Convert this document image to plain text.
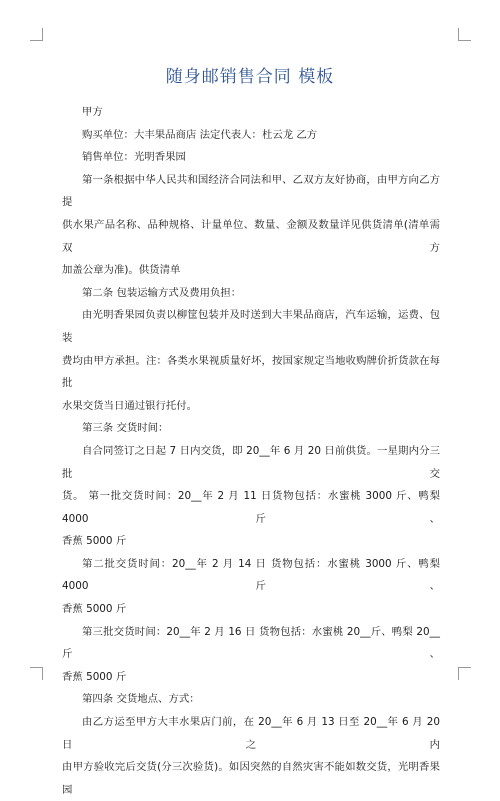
随身邮销售合同 模板

甲方

购买单位：大丰果品商店 法定代表人：杜云龙 乙方

销售单位：光明香果园

第一条根据中华人民共和国经济合同法和甲、乙双方友好协商，由甲方向乙方提

供水果产品名称、品种规格、计量单位、数量、金额及数量详见供货清单(清单需双方

加盖公章为准)。供货清单

第二条 包装运输方式及费用负担：

由光明香果园负责以柳筐包装并及时送到大丰果品商店，汽车运输，运费、包装

费均由甲方承担。注：各类水果视质量好坏，按国家规定当地收购牌价折货款在每批

水果交货当日通过银行托付。

第三条 交货时间：

自合同签订之日起 7 日内交货，即 20__年 6 月 20 日前供货。一星期内分三批交

货。 第一批交货时间：20__年 2 月 11 日货物包括：水蜜桃 3000 斤、鸭梨 4000 斤、

香蕉 5000 斤

第二批交货时间：20__年 2 月 14 日 货物包括：水蜜桃 3000 斤、鸭梨 4000 斤、

香蕉 5000 斤

第三批交货时间：20__年 2 月 16 日 货物包括：水蜜桃 20__斤、鸭梨 20__斤、

香蕉 5000 斤

第四条 交货地点、方式：

由乙方运至甲方大丰水果店门前，在 20__年 6 月 13 日至 20__年 6 月 20 日之内

由甲方验收完后交货(分三次验货)。如因突然的自然灾害不能如数交货，光明香果园
